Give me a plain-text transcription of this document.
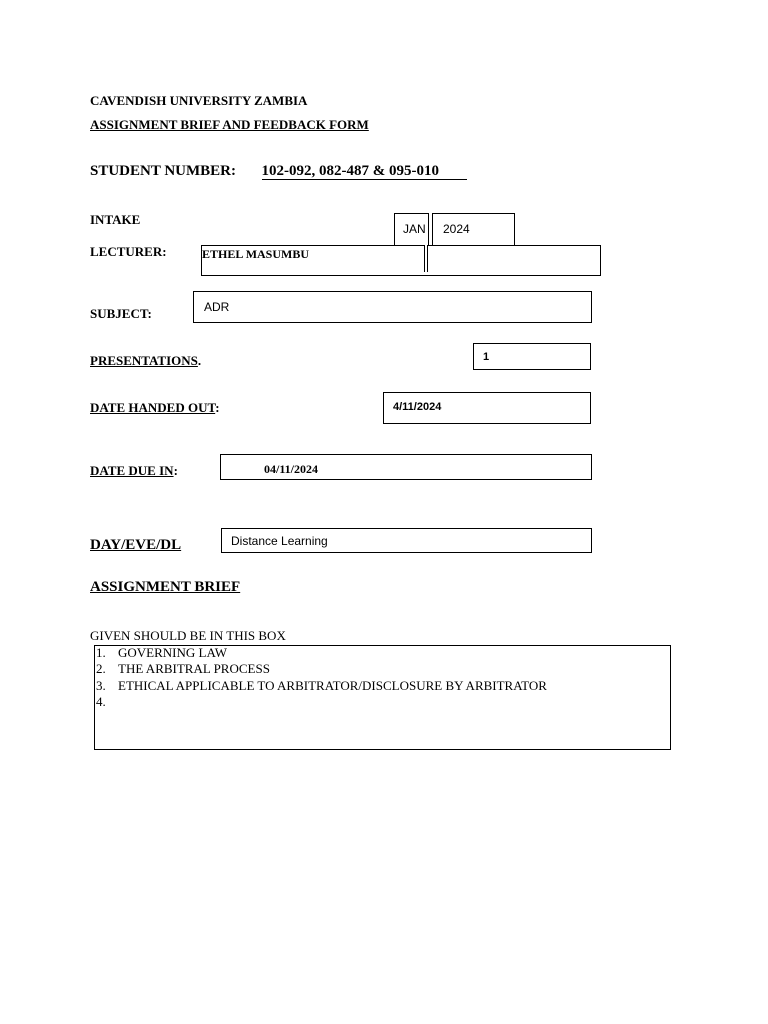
CAVENDISH UNIVERSITY ZAMBIA
ASSIGNMENT BRIEF AND FEEDBACK FORM
STUDENT NUMBER: 102-092, 082-487 & 095-010
INTAKE
JAN 2024
LECTURER:	ETHEL MASUMBU
SUBJECT:	ADR
PRESENTATIONS.	1
DATE HANDED OUT:	4/11/2024
DATE DUE IN:	04/11/2024
DAY/EVE/DL	Distance Learning
ASSIGNMENT BRIEF
GIVEN SHOULD BE IN THIS BOX
1. GOVERNING LAW
2. THE ARBITRAL PROCESS
3. ETHICAL APPLICABLE TO ARBITRATOR/DISCLOSURE BY ARBITRATOR
4.
